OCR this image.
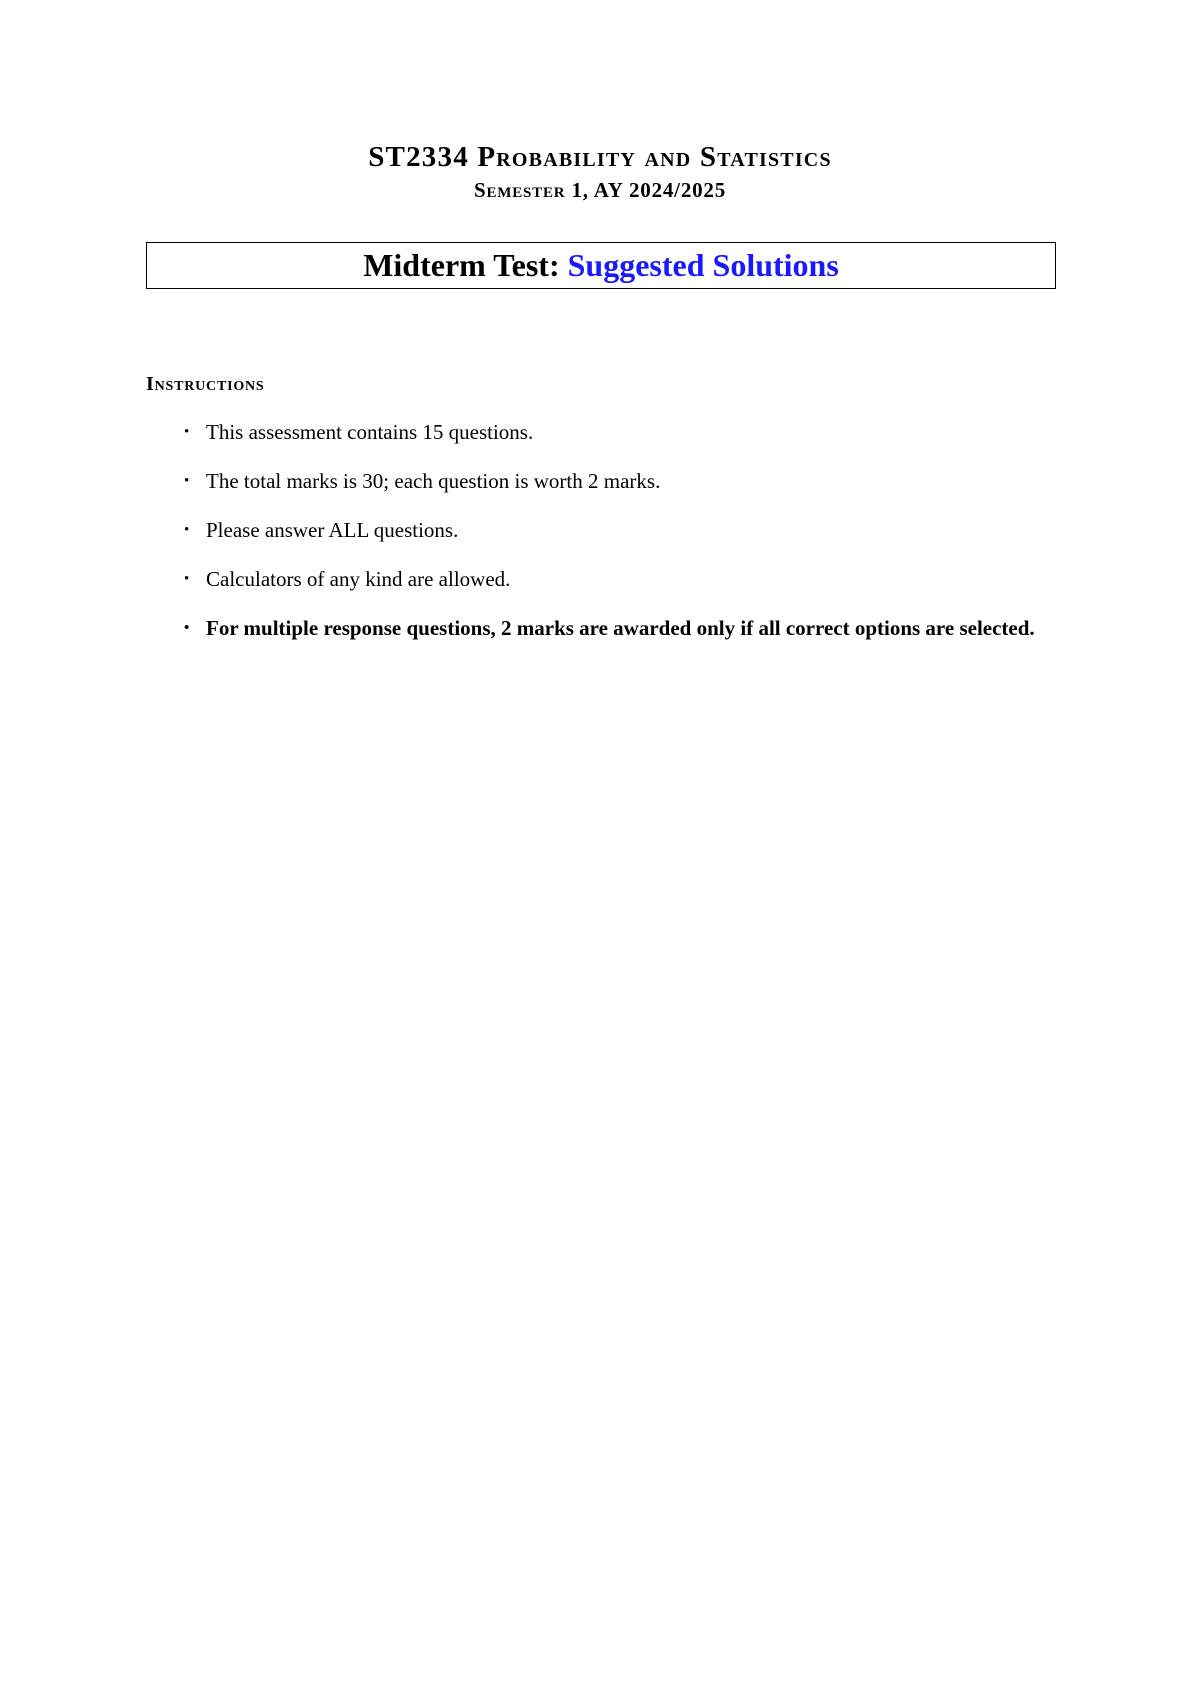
ST2334 Probability and Statistics
Semester 1, AY 2024/2025
Midterm Test: Suggested Solutions
Instructions
• This assessment contains 15 questions.
• The total marks is 30; each question is worth 2 marks.
• Please answer ALL questions.
• Calculators of any kind are allowed.
• For multiple response questions, 2 marks are awarded only if all correct options are selected.
